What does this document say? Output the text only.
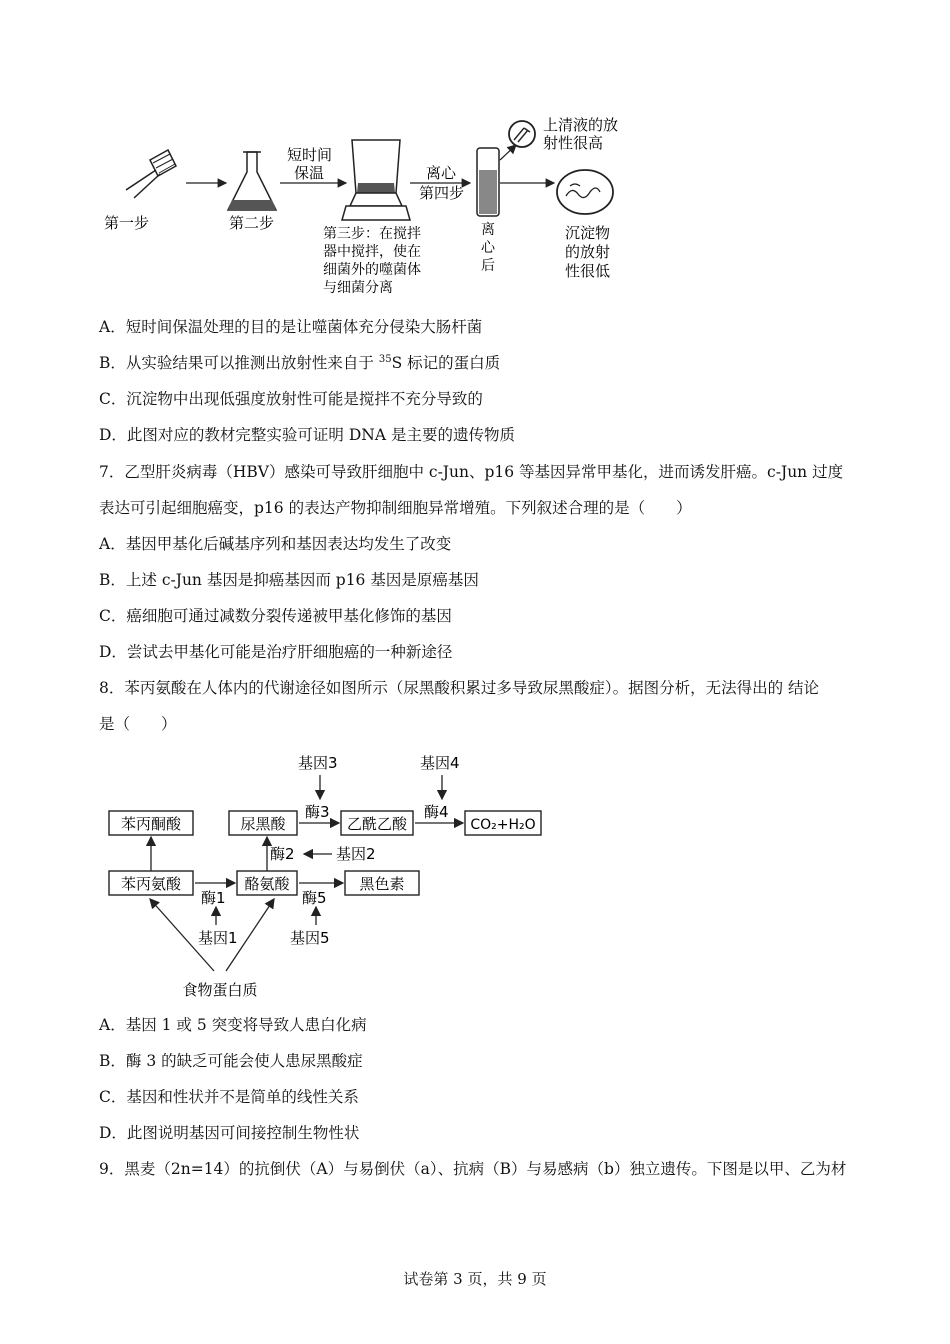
第一步	第二步
短时间
保温
第三步：在搅拌
器中搅拌，使在
细菌外的噬菌体
与细菌分离
离心
第四步
离
心
后
上清液的放
射性很高
沉淀物
的放射
性很低
A．短时间保温处理的目的是让噬菌体充分侵染大肠杆菌
B．从实验结果可以推测出放射性来自于 $^{35}$S 标记的蛋白质
C．沉淀物中出现低强度放射性可能是搅拌不充分导致的
D．此图对应的教材完整实验可证明 DNA 是主要的遗传物质
7．乙型肝炎病毒（HBV）感染可导致肝细胞中 c-Jun、p16 等基因异常甲基化，进而诱发肝癌。c-Jun 过度
表达可引起细胞癌变，p16 的表达产物抑制细胞异常增殖。下列叙述合理的是（　　）
A．基因甲基化后碱基序列和基因表达均发生了改变
B．上述 c-Jun 基因是抑癌基因而 p16 基因是原癌基因
C．癌细胞可通过减数分裂传递被甲基化修饰的基因
D．尝试去甲基化可能是治疗肝细胞癌的一种新途径
8．苯丙氨酸在人体内的代谢途径如图所示（尿黑酸积累过多导致尿黑酸症）。据图分析，无法得出的 结论
是（　　）
苯丙酮酸	尿黑酸	乙酰乙酸	CO₂+H₂O
苯丙氨酸	酪氨酸	黑色素
酶1
酶2
酶3	酶4
酶5
基因3	基因4
基因2
基因1	基因5
食物蛋白质
A．基因 1 或 5 突变将导致人患白化病
B．酶 3 的缺乏可能会使人患尿黑酸症
C．基因和性状并不是简单的线性关系
D．此图说明基因可间接控制生物性状
9．黑麦（2n=14）的抗倒伏（A）与易倒伏（a）、抗病（B）与易感病（b）独立遗传。下图是以甲、乙为材
试卷第 3 页，共 9 页
